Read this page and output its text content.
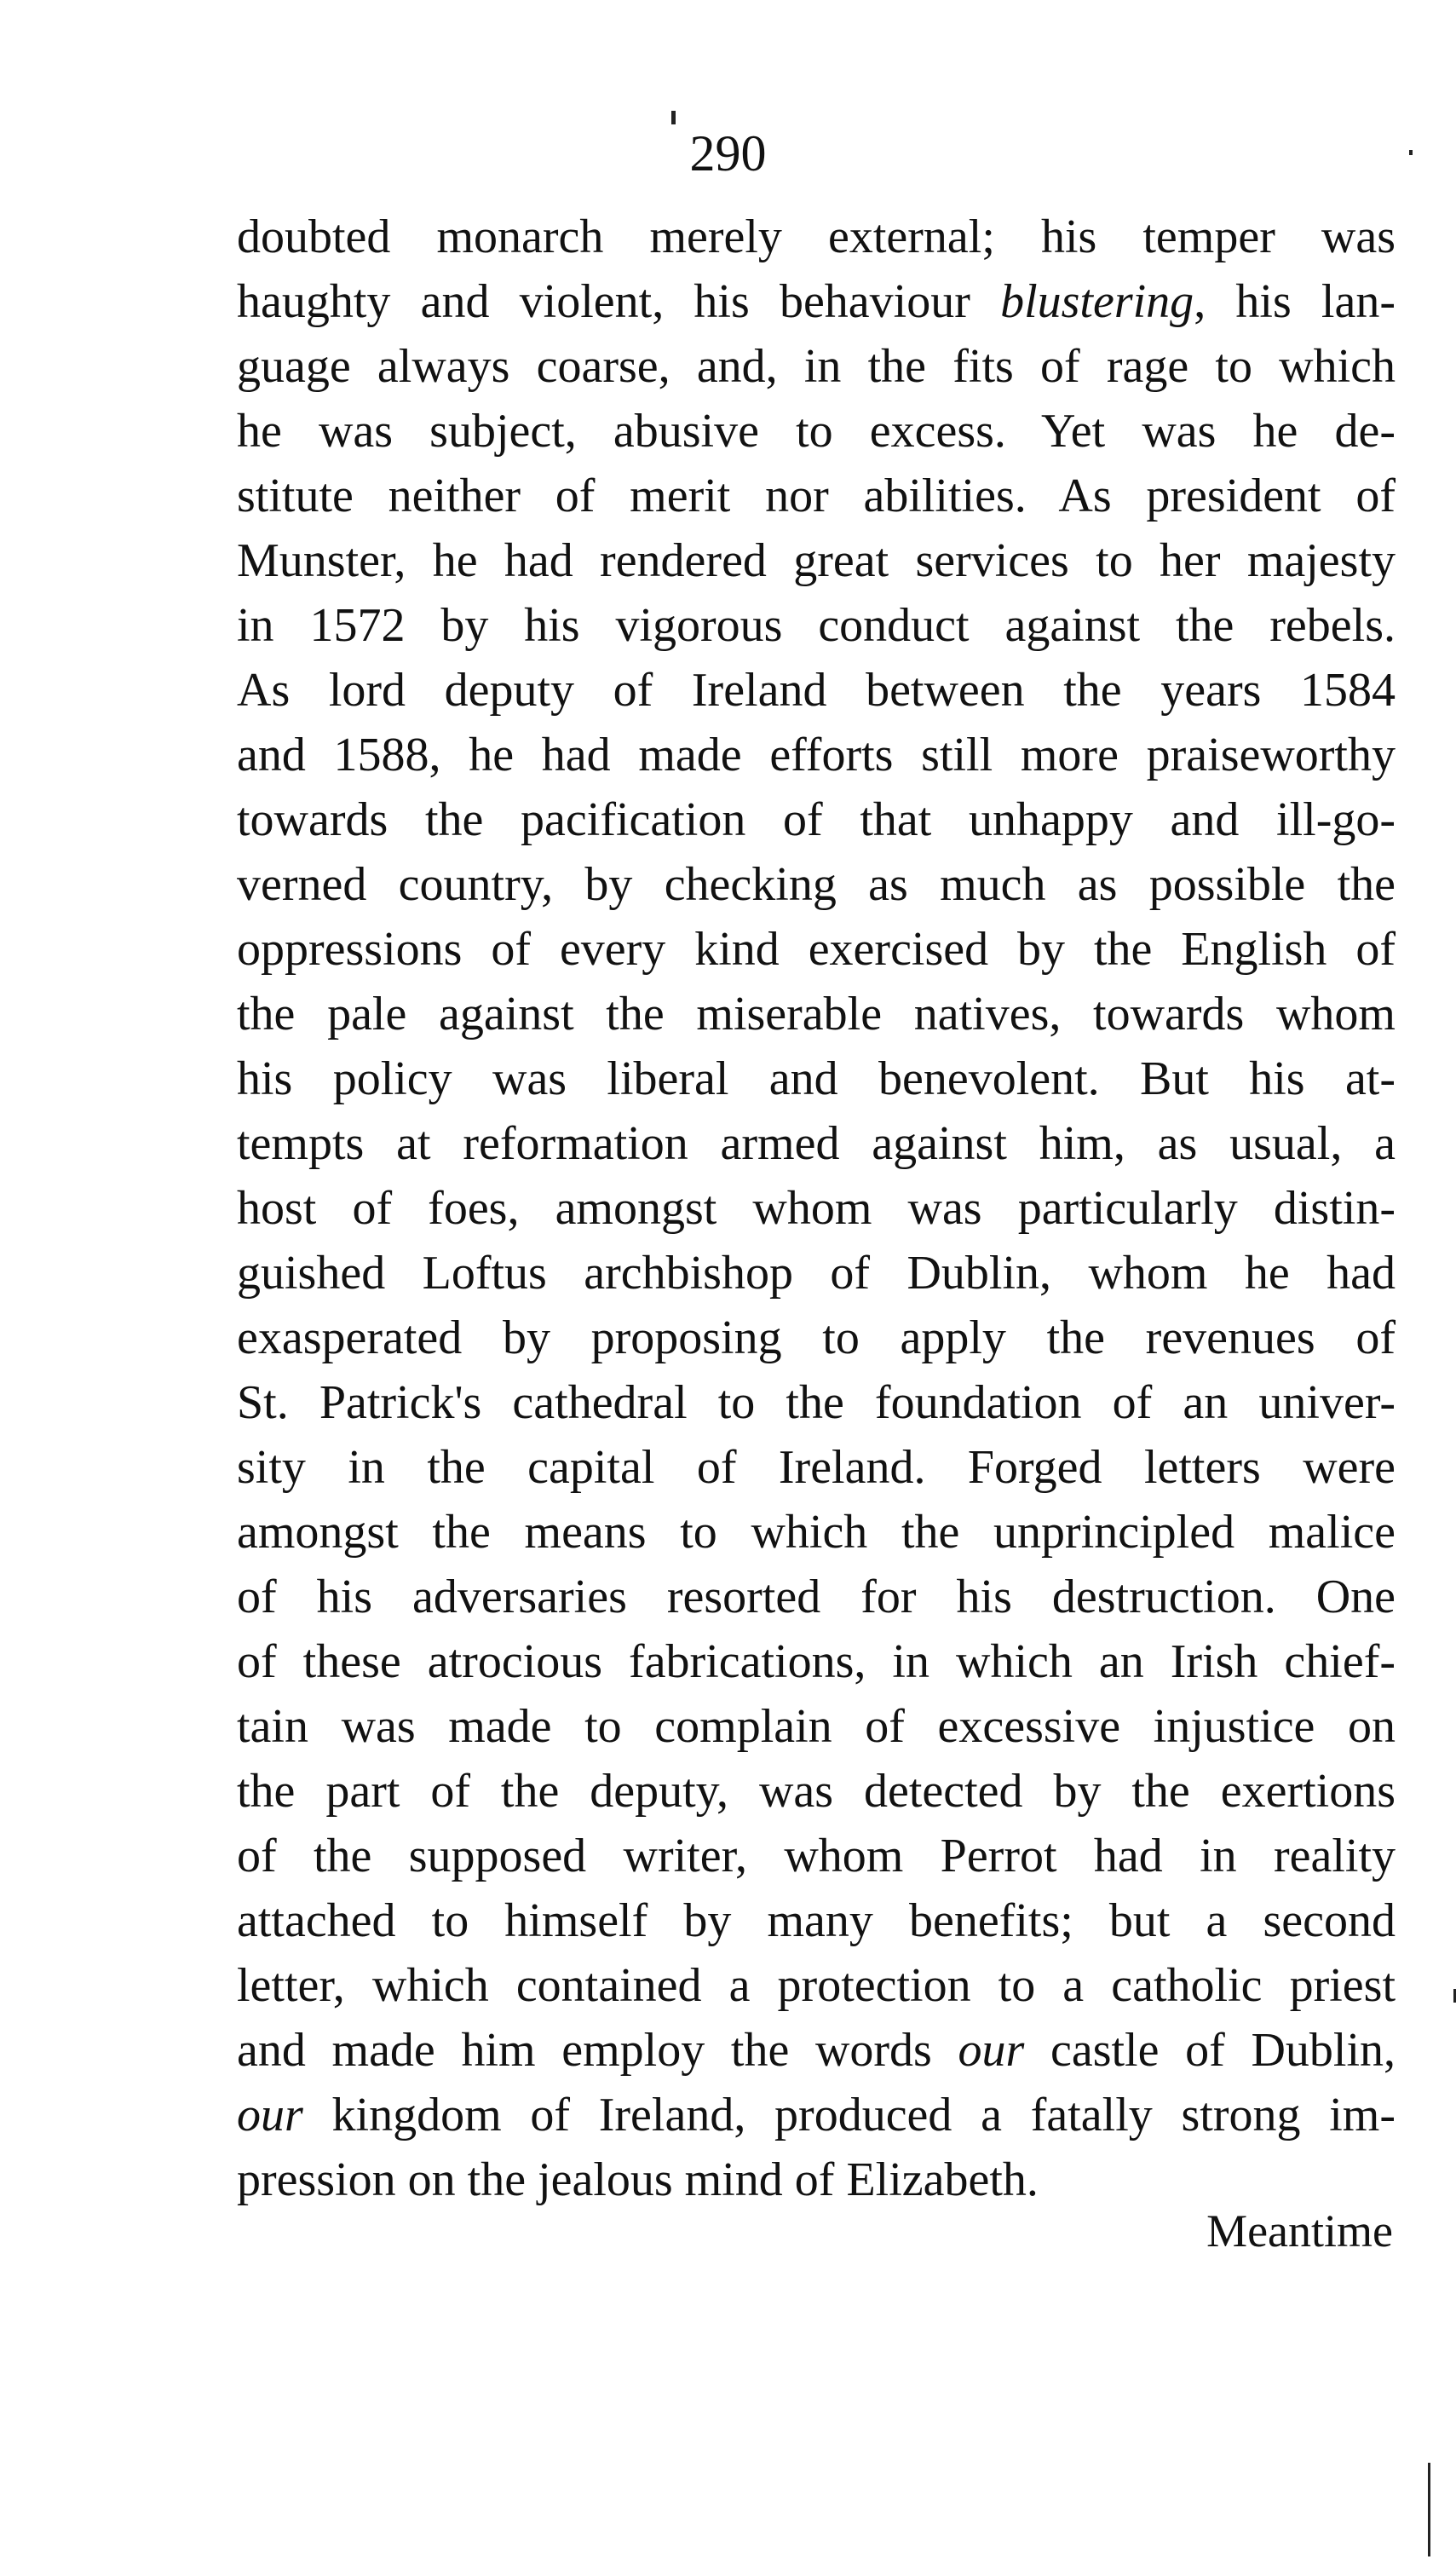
290
doubted monarch merely external; his temper was
haughty and violent, his behaviour blustering, his lan-
guage always coarse, and, in the fits of rage to which
he was subject, abusive to excess. Yet was he de-
stitute neither of merit nor abilities. As president of
Munster, he had rendered great services to her majesty
in 1572 by his vigorous conduct against the rebels.
As lord deputy of Ireland between the years 1584
and 1588, he had made efforts still more praiseworthy
towards the pacification of that unhappy and ill-go-
verned country, by checking as much as possible the
oppressions of every kind exercised by the English of
the pale against the miserable natives, towards whom
his policy was liberal and benevolent. But his at-
tempts at reformation armed against him, as usual, a
host of foes, amongst whom was particularly distin-
guished Loftus archbishop of Dublin, whom he had
exasperated by proposing to apply the revenues of
St. Patrick's cathedral to the foundation of an univer-
sity in the capital of Ireland. Forged letters were
amongst the means to which the unprincipled malice
of his adversaries resorted for his destruction. One
of these atrocious fabrications, in which an Irish chief-
tain was made to complain of excessive injustice on
the part of the deputy, was detected by the exertions
of the supposed writer, whom Perrot had in reality
attached to himself by many benefits; but a second
letter, which contained a protection to a catholic priest
and made him employ the words our castle of Dublin,
our kingdom of Ireland, produced a fatally strong im-
pression on the jealous mind of Elizabeth.
Meantime
